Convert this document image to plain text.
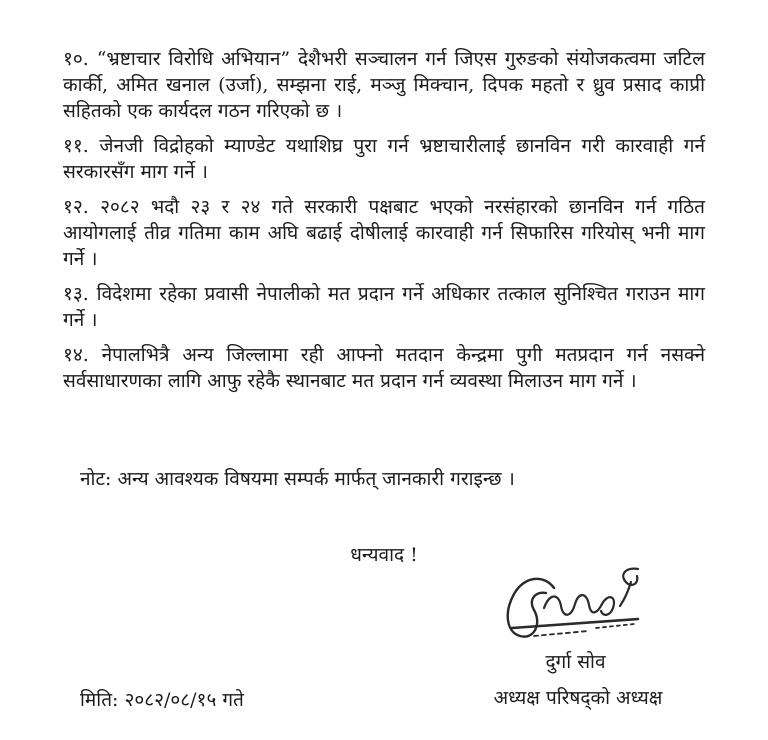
१०. “भ्रष्टाचार विरोधि अभियान” देशैभरी सञ्चालन गर्न जिएस गुरुङको संयोजकत्वमा जटिल कार्की, अमित खनाल (उर्जा), सम्झना राई, मञ्जु मिक्चान, दिपक महतो र ध्रुव प्रसाद काप्री सहितको एक कार्यदल गठन गरिएको छ ।

११. जेनजी विद्रोहको म्याण्डेट यथाशिघ्र पुरा गर्न भ्रष्टाचारीलाई छानविन गरी कारवाही गर्न सरकारसँग माग गर्ने ।

१२. २०८२ भदौ २३ र २४ गते सरकारी पक्षबाट भएको नरसंहारको छानविन गर्न गठित आयोगलाई तीव्र गतिमा काम अघि बढाई दोषीलाई कारवाही गर्न सिफारिस गरियोस् भनी माग गर्ने ।

१३. विदेशमा रहेका प्रवासी नेपालीको मत प्रदान गर्ने अधिकार तत्काल सुनिश्चित गराउन माग गर्ने ।

१४. नेपालभित्रै अन्य जिल्लामा रही आफ्नो मतदान केन्द्रमा पुगी मतप्रदान गर्न नसक्ने सर्वसाधारणका लागि आफु रहेकै स्थानबाट मत प्रदान गर्न व्यवस्था मिलाउन माग गर्ने ।

नोट: अन्य आवश्यक विषयमा सम्पर्क मार्फत् जानकारी गराइन्छ ।
धन्यवाद !
दुर्गा सोव
मिति: २०८२/०८/१५ गते	अध्यक्ष परिषद्को अध्यक्ष
